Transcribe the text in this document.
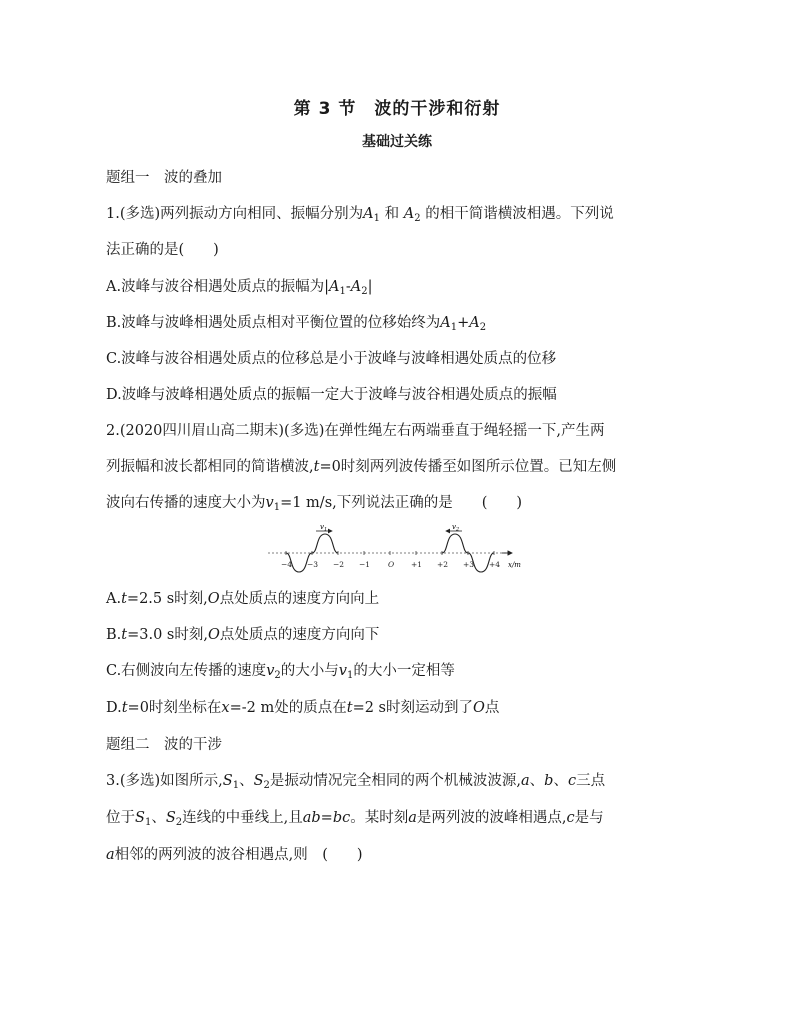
第 3 节　波的干涉和衍射
基础过关练
题组一　波的叠加
1.(多选)两列振动方向相同、振幅分别为$A_1$ 和 $A_2$ 的相干简谐横波相遇。下列说
法正确的是(　　)
A.波峰与波谷相遇处质点的振幅为$|A_1-A_2|$
B.波峰与波峰相遇处质点相对平衡位置的位移始终为$A_1+A_2$
C.波峰与波谷相遇处质点的位移总是小于波峰与波峰相遇处质点的位移
D.波峰与波峰相遇处质点的振幅一定大于波峰与波谷相遇处质点的振幅
2.(2020四川眉山高二期末)(多选)在弹性绳左右两端垂直于绳轻摇一下,产生两
列振幅和波长都相同的简谐横波,t=0时刻两列波传播至如图所示位置。已知左侧
波向右传播的速度大小为$v_1=1$ m/s,下列说法正确的是　　(　　)
$v_1$	$v_2$
−4 −3 −2 −1 O +1 +2 +3 +4 x/m
A.t=2.5 s时刻,O点处质点的速度方向向上
B.t=3.0 s时刻,O点处质点的速度方向向下
C.右侧波向左传播的速度$v_2$的大小与$v_1$的大小一定相等
D.t=0时刻坐标在x=-2 m处的质点在t=2 s时刻运动到了O点
题组二　波的干涉
3.(多选)如图所示$,S_1$、$S_2$是振动情况完全相同的两个机械波波源,a、b、c三点
位于$S_1$、$S_2$连线的中垂线上,且ab=bc。某时刻a是两列波的波峰相遇点,c是与
a相邻的两列波的波谷相遇点,则　(　　)
